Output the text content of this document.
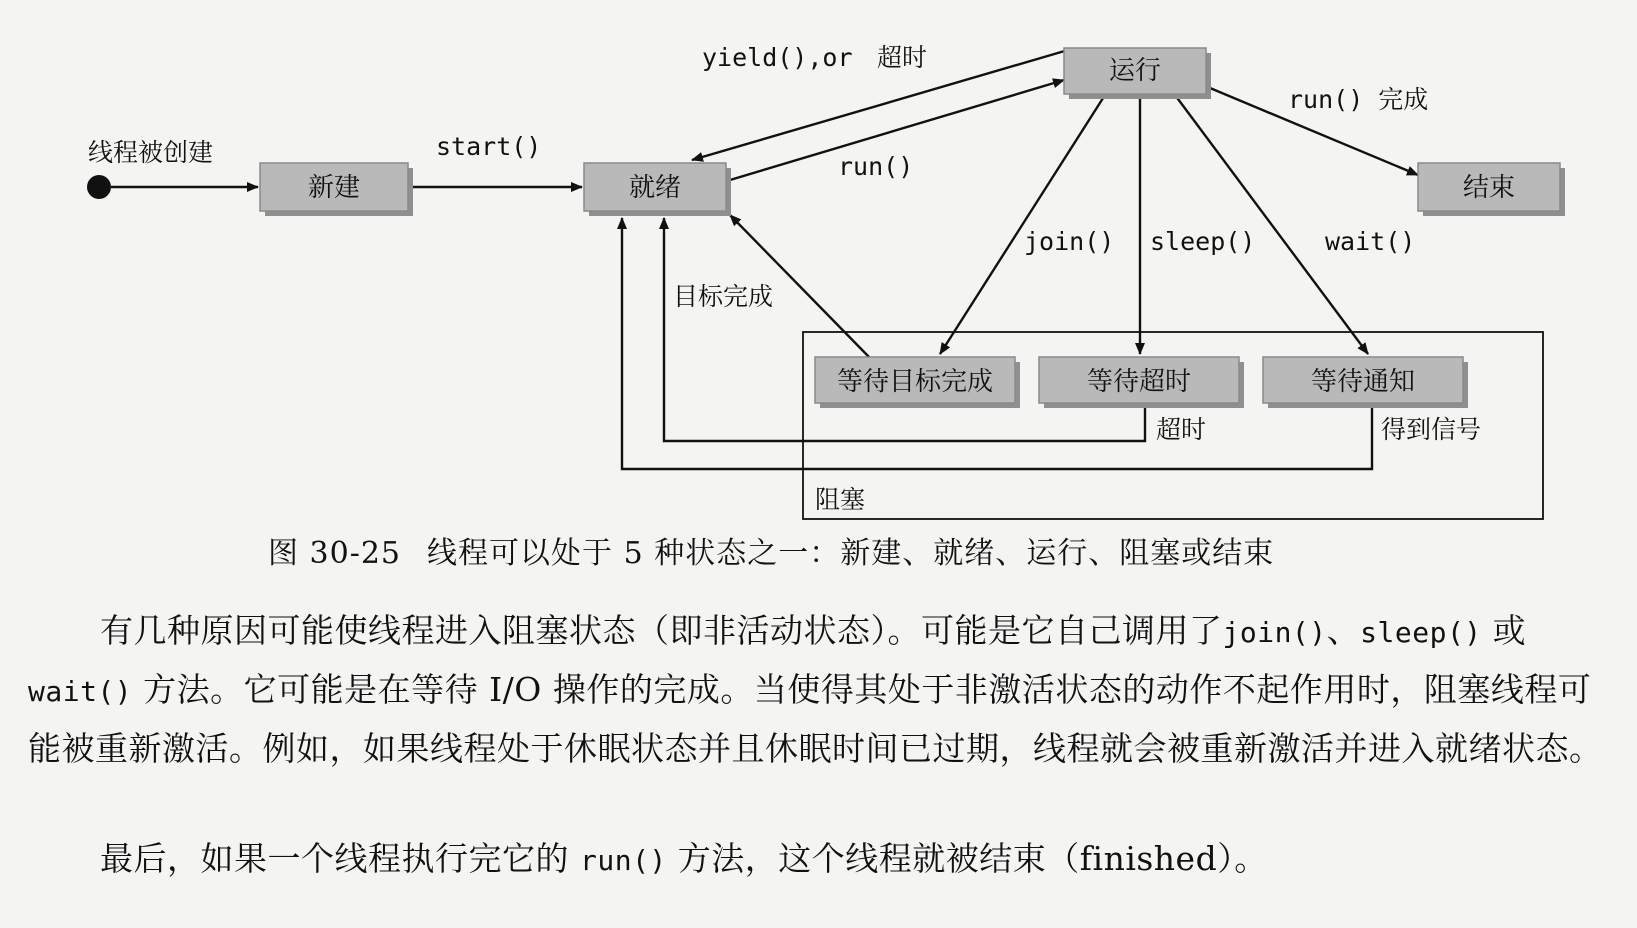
新建	就绪
运行
结束
等待目标完成	等待超时	等待通知
线程被创建	start()
yield(),or 超时
run()
run() 完成
join() sleep()	wait()
目标完成
超时	得到信号
阻塞
图 30-25 线程可以处于 5 种状态之一：新建、就绪、运行、阻塞或结束
有几种原因可能使线程进入阻塞状态（即非活动状态）。可能是它自己调用了join()、sleep() 或 wait() 方法。它可能是在等待 I/O 操作的完成。当使得其处于非激活状态的动作不起作用时，阻塞线程可能被重新激活。例如，如果线程处于休眠状态并且休眠时间已过期，线程就会被重新激活并进入就绪状态。
最后，如果一个线程执行完它的 run() 方法，这个线程就被结束（finished）。
